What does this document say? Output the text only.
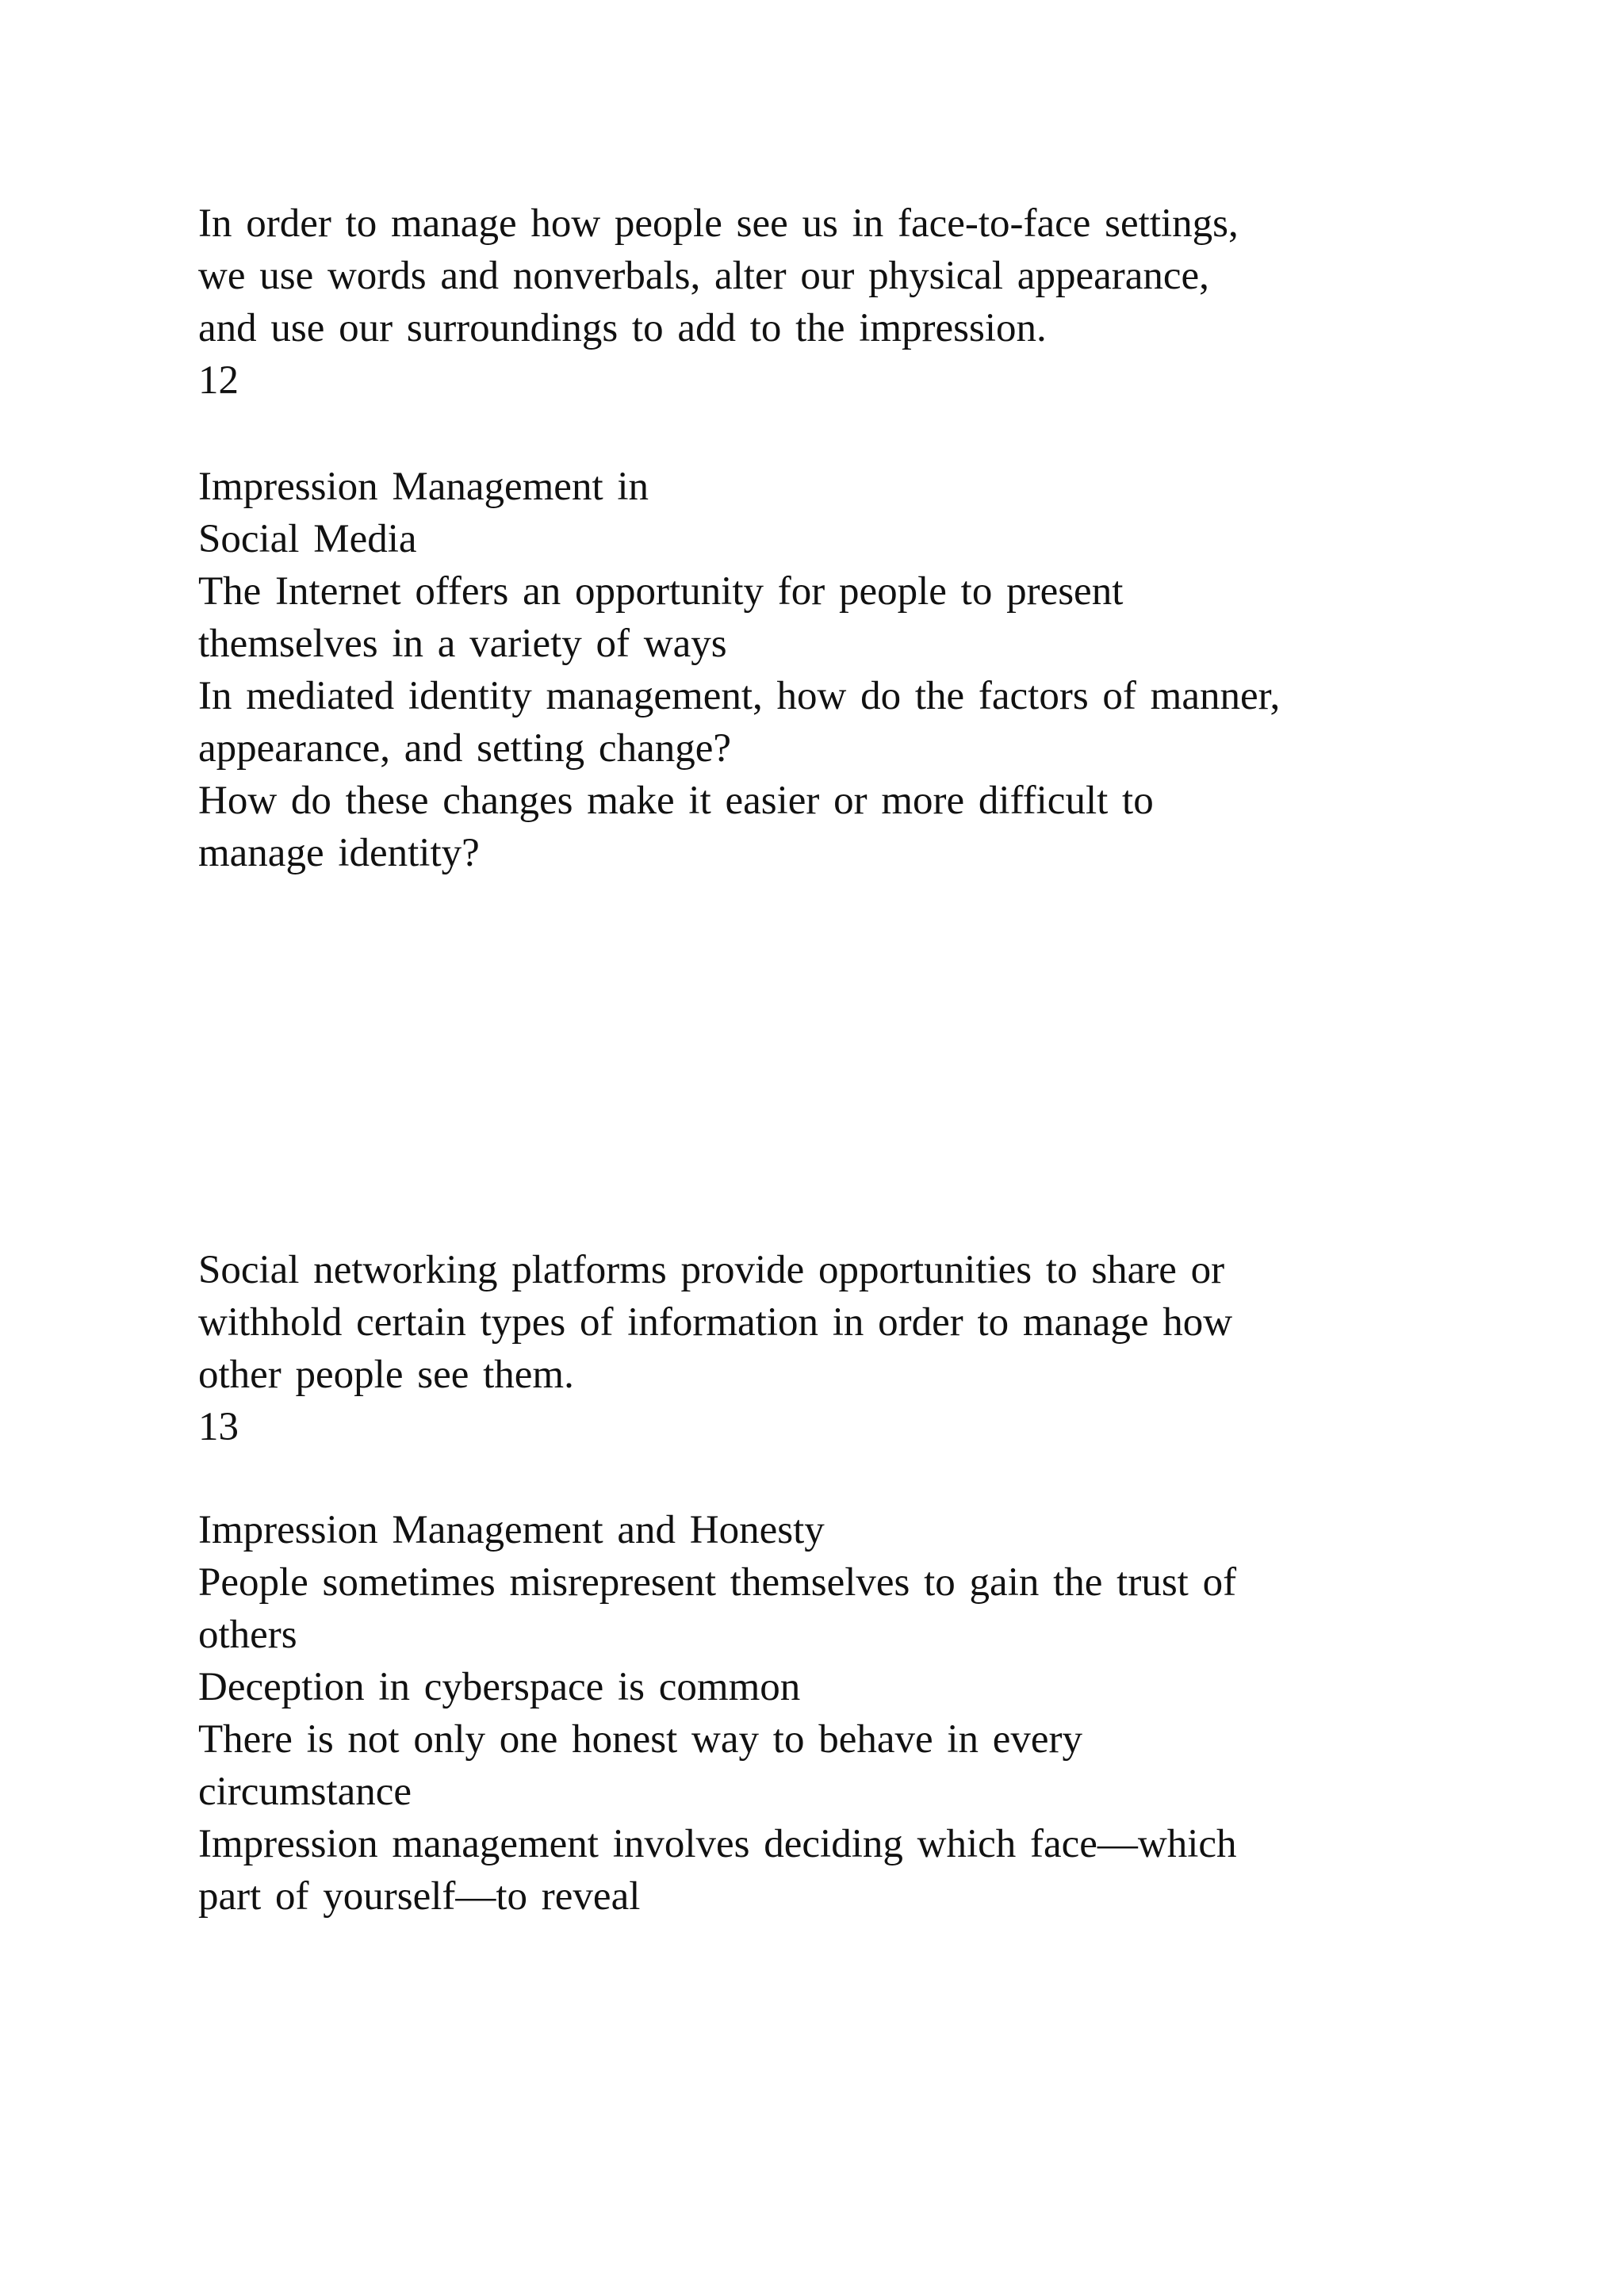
In order to manage how people see us in face-to-face settings,
we use words and nonverbals, alter our physical appearance,
and use our surroundings to add to the impression.
12
Impression Management in
Social Media
The Internet offers an opportunity for people to present
themselves in a variety of ways
In mediated identity management, how do the factors of manner,
appearance, and setting change?
How do these changes make it easier or more difficult to
manage identity?
Social networking platforms provide opportunities to share or
withhold certain types of information in order to manage how
other people see them.
13
Impression Management and Honesty
People sometimes misrepresent themselves to gain the trust of
others
Deception in cyberspace is common
There is not only one honest way to behave in every
circumstance
Impression management involves deciding which face—which
part of yourself—to reveal
